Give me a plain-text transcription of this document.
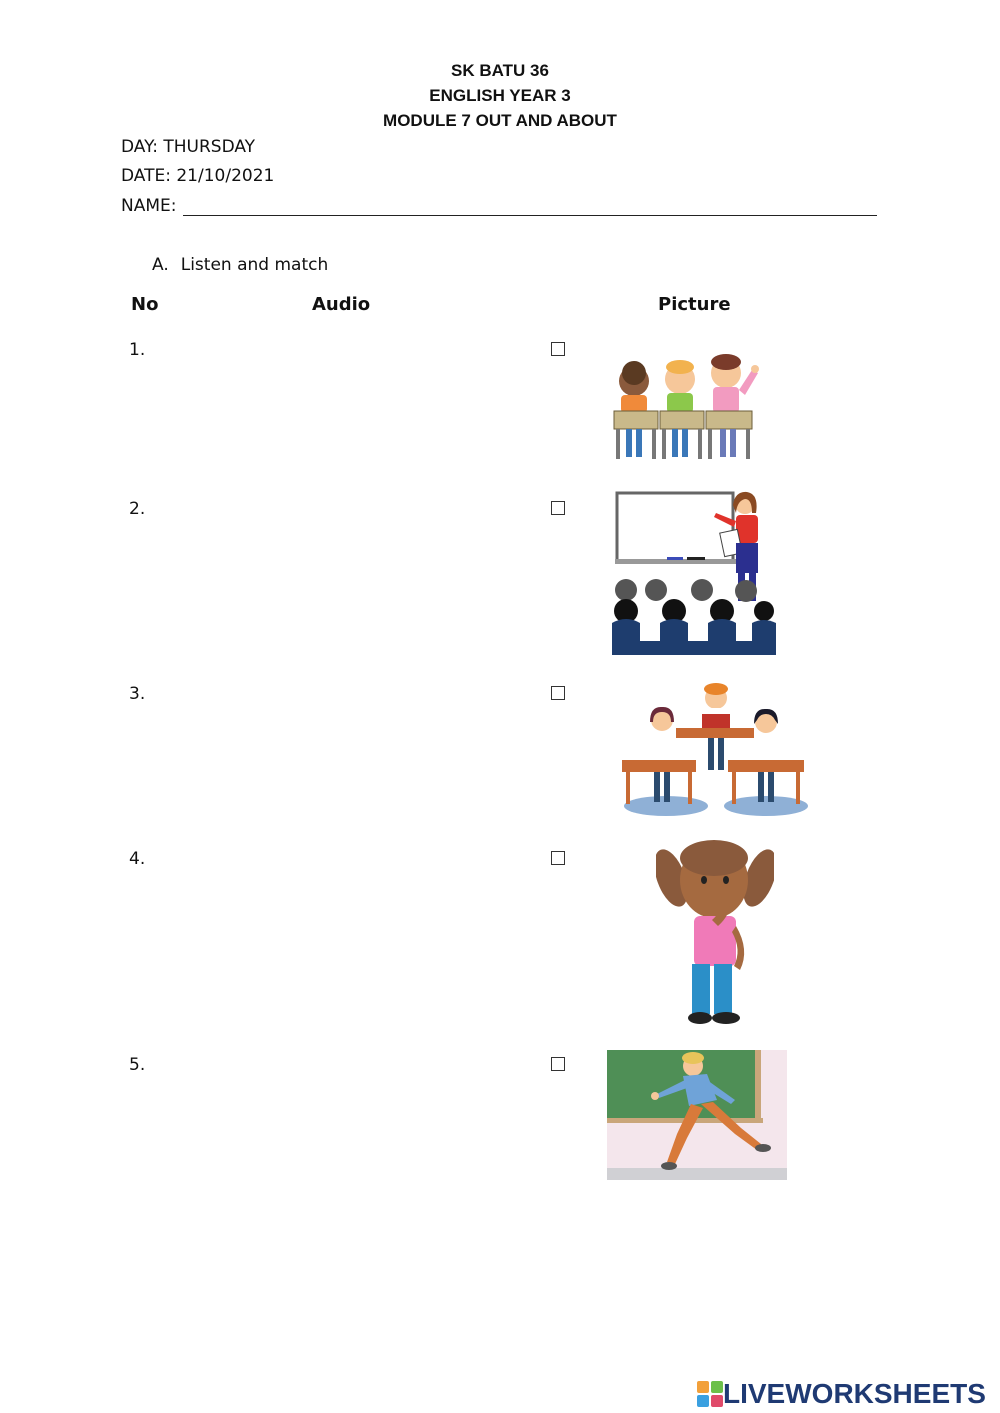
SK BATU 36
ENGLISH YEAR 3
MODULE 7 OUT AND ABOUT
DAY: THURSDAY
DATE: 21/10/2021
NAME:
A. Listen and match
No	Audio	Picture
1.
2.
3.
4.
5.
LIVEWORKSHEETS
